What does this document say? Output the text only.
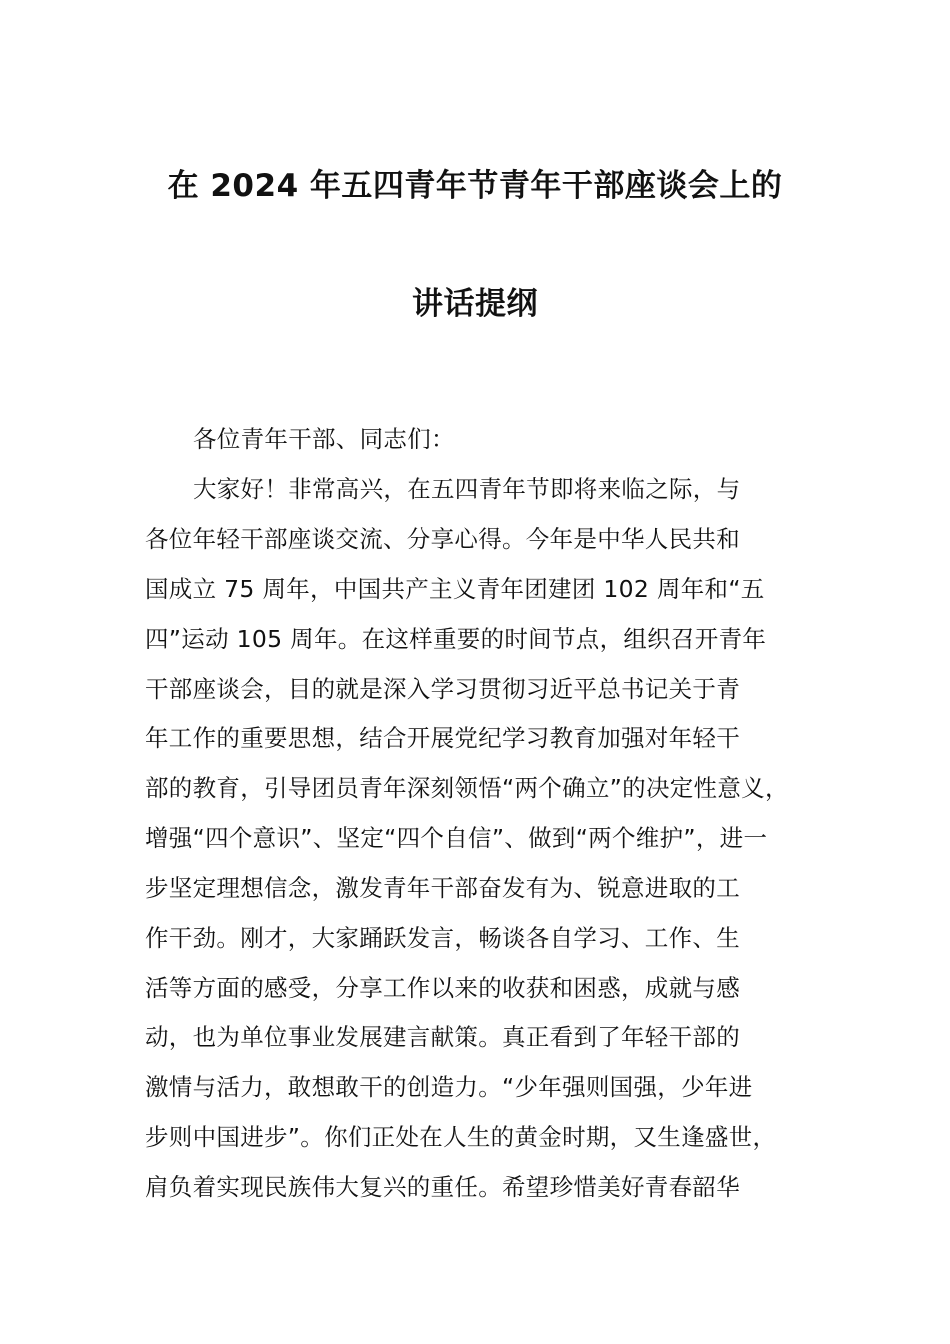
在 2024 年五四青年节青年干部座谈会上的
讲话提纲
各位青年干部、同志们：
大家好！非常高兴，在五四青年节即将来临之际，与
各位年轻干部座谈交流、分享心得。今年是中华人民共和
国成立 75 周年，中国共产主义青年团建团 102 周年和“五
四”运动 105 周年。在这样重要的时间节点，组织召开青年
干部座谈会，目的就是深入学习贯彻习近平总书记关于青
年工作的重要思想，结合开展党纪学习教育加强对年轻干
部的教育，引导团员青年深刻领悟“两个确立”的决定性意义，
增强“四个意识”、坚定“四个自信”、做到“两个维护”，进一
步坚定理想信念，激发青年干部奋发有为、锐意进取的工
作干劲。刚才，大家踊跃发言，畅谈各自学习、工作、生
活等方面的感受，分享工作以来的收获和困惑，成就与感
动，也为单位事业发展建言献策。真正看到了年轻干部的
激情与活力，敢想敢干的创造力。“少年强则国强，少年进
步则中国进步”。你们正处在人生的黄金时期，又生逢盛世，
肩负着实现民族伟大复兴的重任。希望珍惜美好青春韶华
